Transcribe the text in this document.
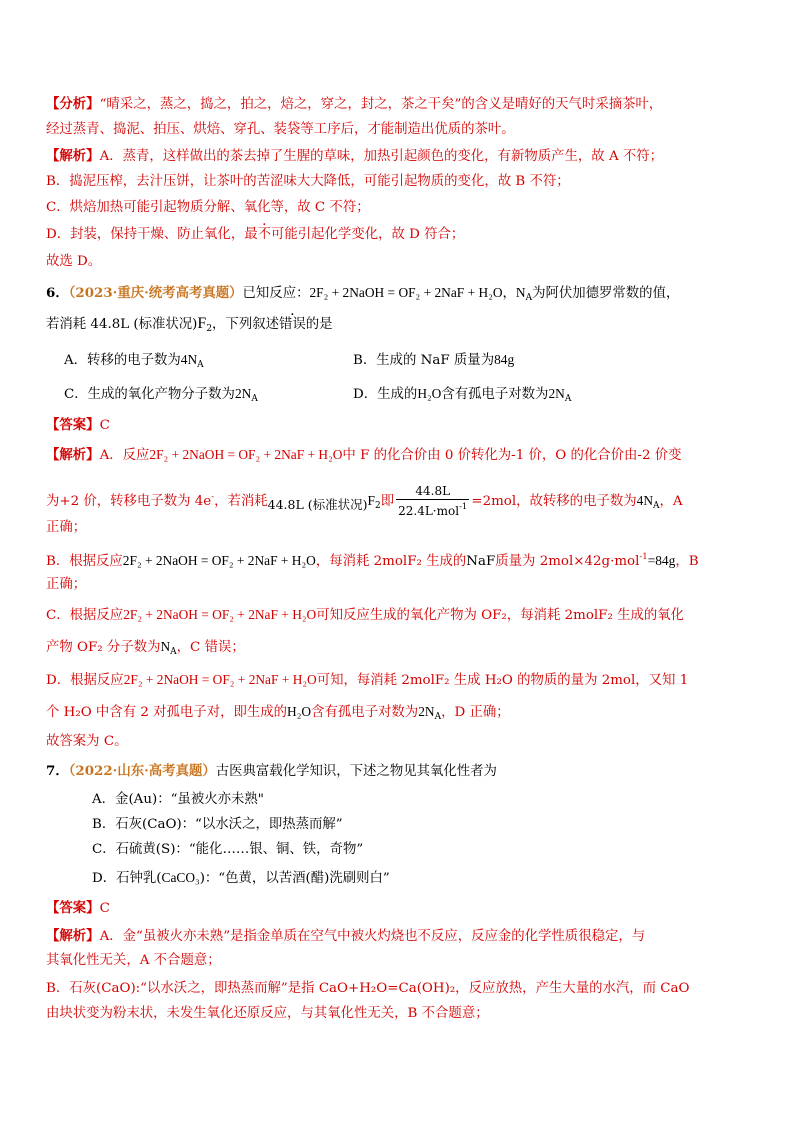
【分析】“晴采之，蒸之，捣之，拍之，焙之，穿之，封之，茶之干矣”的含义是晴好的天气时采摘茶叶，
经过蒸青、捣泥、拍压、烘焙、穿孔、装袋等工序后，才能制造出优质的茶叶。
【解析】A．蒸青，这样做出的茶去掉了生腥的草味，加热引起颜色的变化，有新物质产生，故 A 不符；
B．捣泥压榨，去汁压饼，让茶叶的苦涩味大大降低，可能引起物质的变化，故 B 不符；
C．烘焙加热可能引起物质分解、氧化等，故 C 不符；
D．封装，保持干燥、防止氧化，最不可能引起化学变化，故 D 符合；
故选 D。
6．（2023·重庆·统考高考真题）已知反应：2F₂ + 2NaOH = OF₂ + 2NaF + H₂O，$N_A$为阿伏加德罗常数的值，
若消耗 44.8L (标准状况)$F_2$，下列叙述错误的是
A．转移的电子数为$4N_A$	B．生成的 NaF 质量为84g
C．生成的氧化产物分子数为$2N_A$	D．生成的H₂O含有孤电子对数为$2N_A$
【答案】C
【解析】A．反应2F₂ + 2NaOH = OF₂ + 2NaF + H₂O中 F 的化合价由 0 价转化为-1 价，O 的化合价由-2 价变
为+2 价，转移电子数为 4e-，若消耗44.8L (标准状况)$F_2$即 $\frac{44.8L}{22.4L\cdot mol^{-1}} =2mol$，故转移的电子数为$4N_A$，A
正确；
B．根据反应2F₂ + 2NaOH = OF₂ + 2NaF + H₂O，每消耗 2molF₂ 生成的NaF质量为 2mol×42g·mol$^{-1}$=84g，B
正确；
C．根据反应2F₂ + 2NaOH = OF₂ + 2NaF + H₂O可知反应生成的氧化产物为 OF₂，每消耗 2molF₂ 生成的氧化
产物 OF₂ 分子数为$N_A$，C 错误；
D．根据反应2F₂ + 2NaOH = OF₂ + 2NaF + H₂O可知，每消耗 2molF₂ 生成 H₂O 的物质的量为 2mol，又知 1
个 H₂O 中含有 2 对孤电子对，即生成的H₂O含有孤电子对数为$2N_A$，D 正确；
故答案为 C。
7．（2022·山东·高考真题）古医典富载化学知识，下述之物见其氧化性者为
A．金(Au)：“虽被火亦未熟"
B．石灰(CaO)：“以水沃之，即热蒸而解”
C．石硫黄(S)：“能化……银、铜、铁，奇物”
D．石钟乳(CaCO₃)：“色黄，以苦酒(醋)洗刷则白”
【答案】C
【解析】A．金“虽被火亦未熟”是指金单质在空气中被火灼烧也不反应，反应金的化学性质很稳定，与
其氧化性无关，A 不合题意；
B．石灰(CaO):“以水沃之，即热蒸而解”是指 CaO+H₂O=Ca(OH)₂，反应放热，产生大量的水汽，而 CaO
由块状变为粉末状，未发生氧化还原反应，与其氧化性无关，B 不合题意；
